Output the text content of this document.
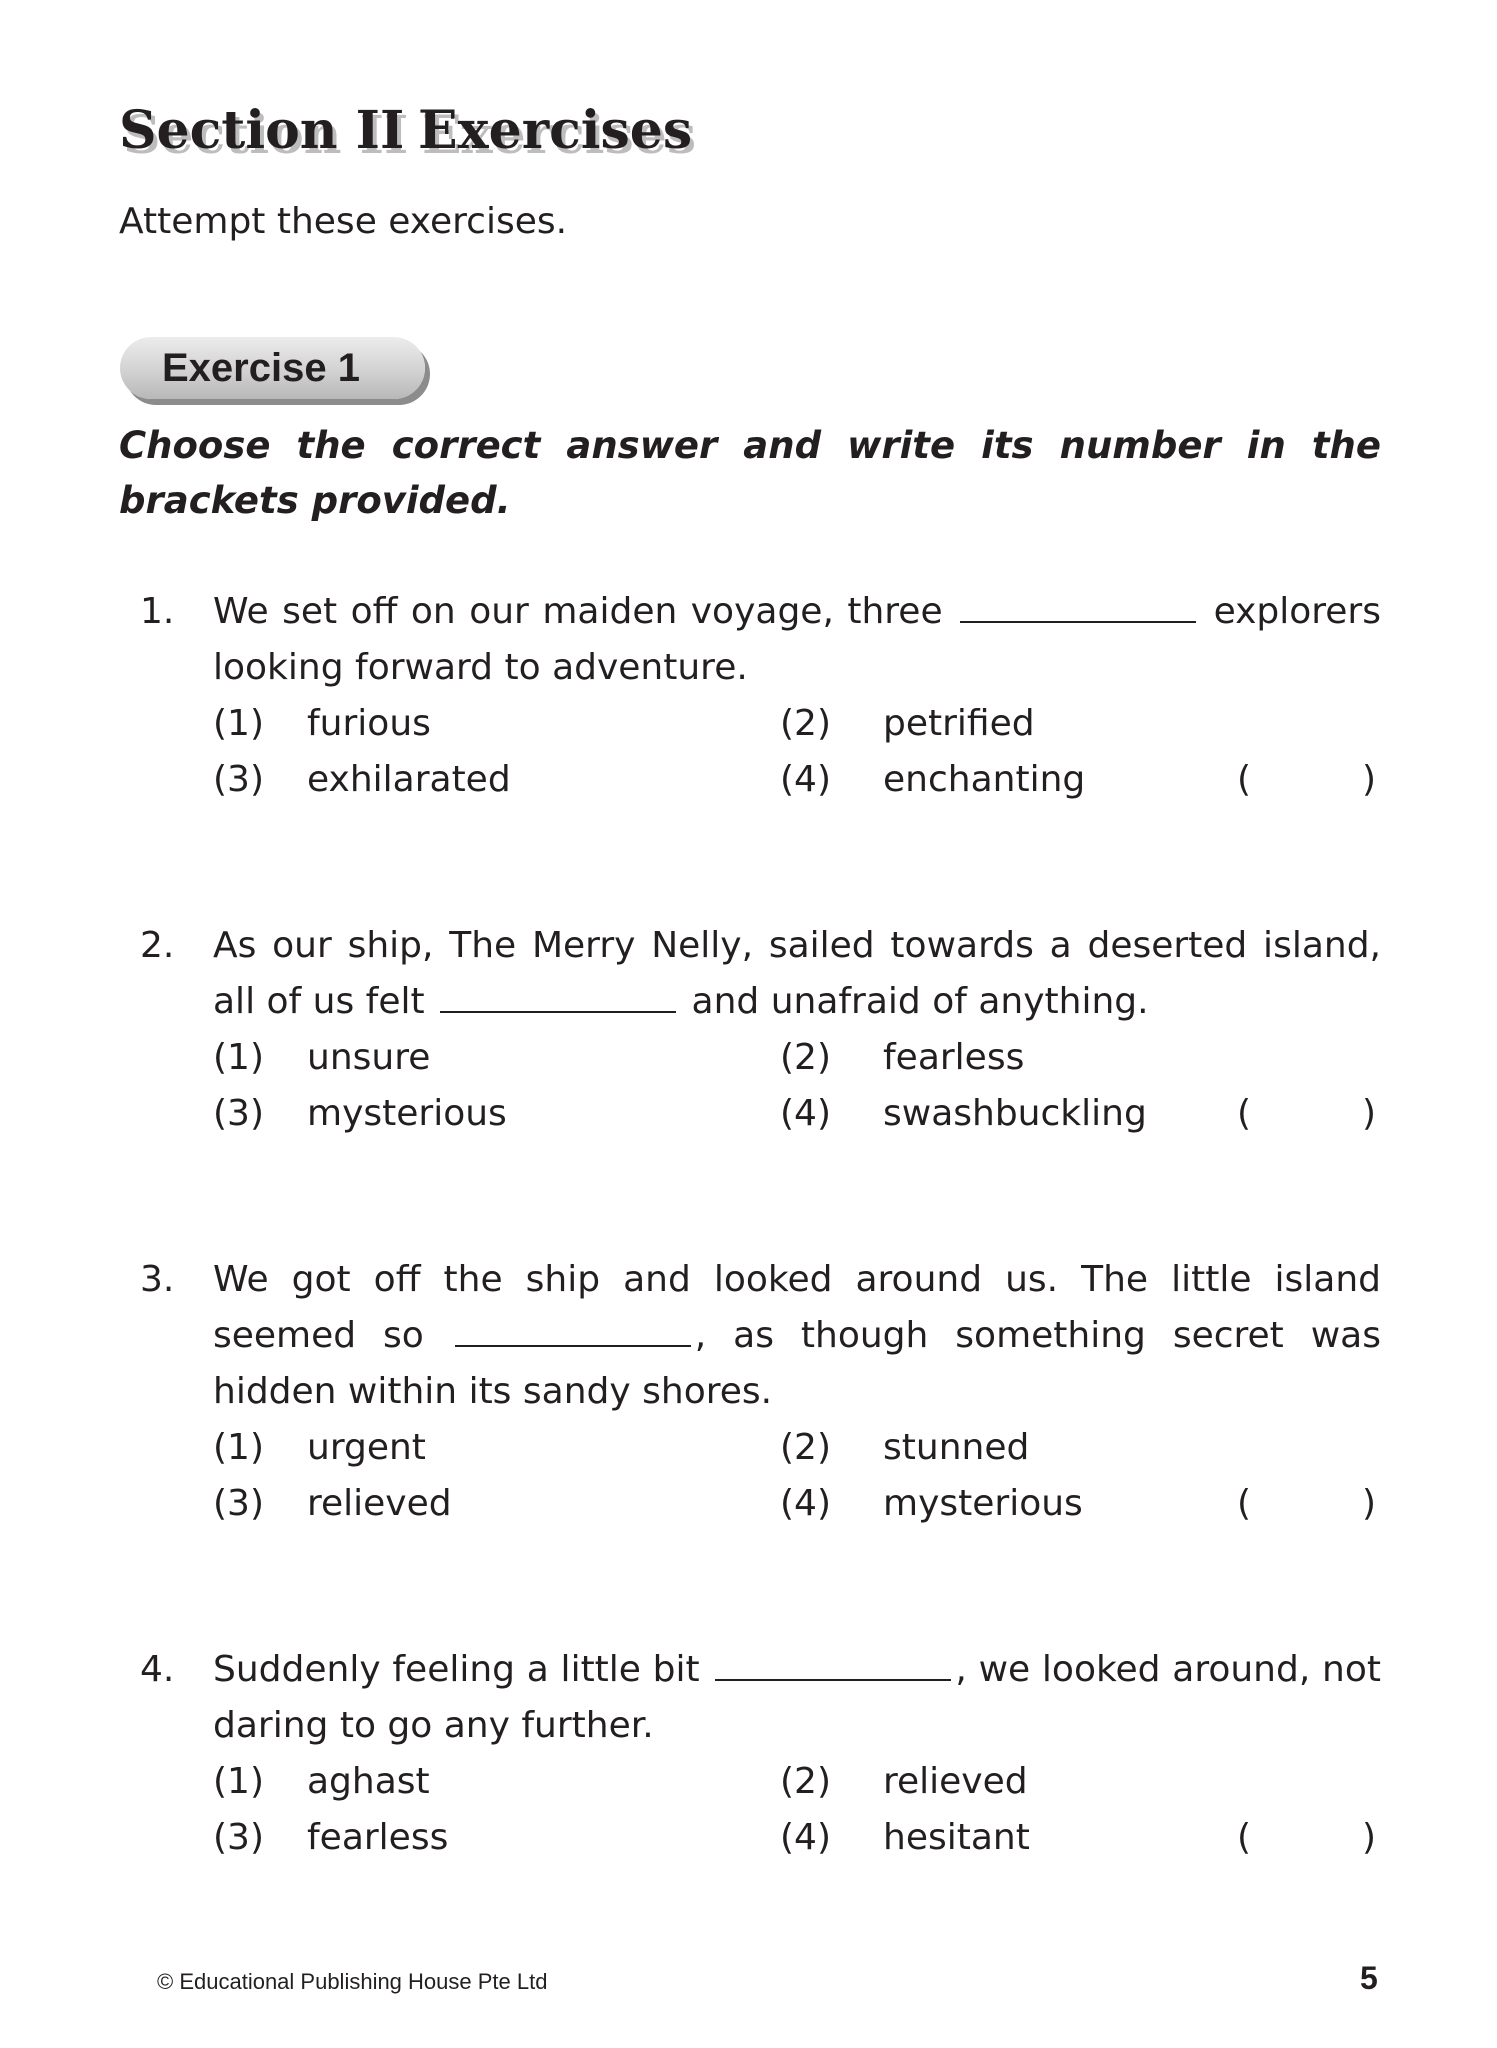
Section II Exercises
Attempt these exercises.
Exercise 1
Choose the correct answer and write its number in the brackets provided.
1. We set off on our maiden voyage, three	explorers looking forward to adventure.
(1) furious	(2) petrified
(3) exhilarated	(4) enchanting	(	)
2. As our ship, The Merry Nelly, sailed towards a deserted island, all of us felt	and unafraid of anything.
(1) unsure	(2) fearless
(3) mysterious	(4) swashbuckling	(	)
3. We got off the ship and looked around us. The little island seemed so	, as though something secret was hidden within its sandy shores.
(1) urgent	(2) stunned
(3) relieved	(4) mysterious	(	)
4. Suddenly feeling a little bit	, we looked around, not daring to go any further.
(1) aghast	(2) relieved
(3) fearless	(4) hesitant	(	)
© Educational Publishing House Pte Ltd	5
